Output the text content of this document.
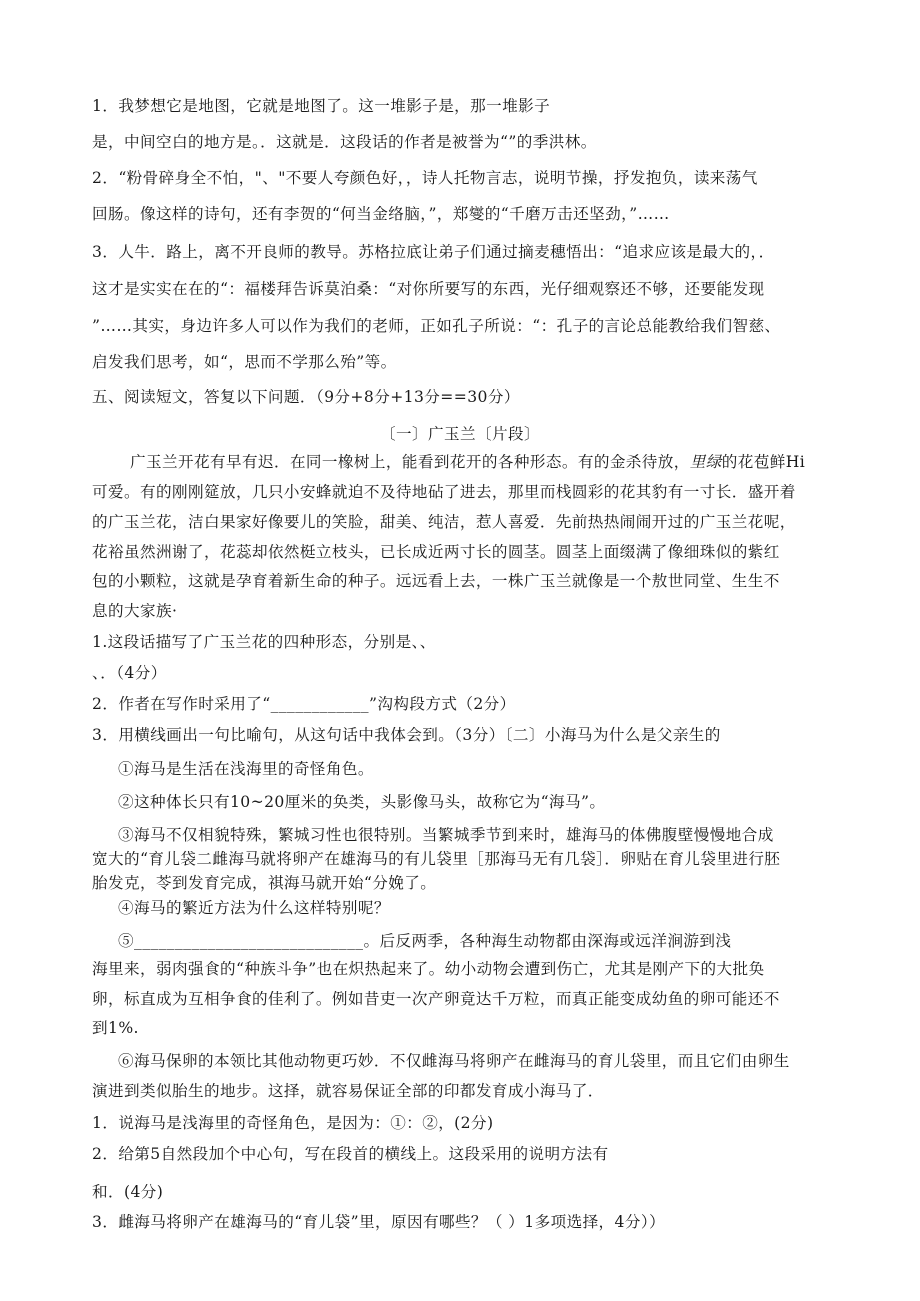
1．我梦想它是地图，它就是地图了。这一堆影子是，那一堆影子
是，中间空白的地方是。．这就是．这段话的作者是被誉为“”的季洪林。
2．“粉骨碎身全不怕，"、"不要人夸颜色好，，诗人托物言志，说明节操，抒发抱负，读来荡气
回肠。像这样的诗句，还有李贺的“何当金络脑，”，郑燮的“千磨万击还坚劲，”……
3．人牛．路上，离不开良师的教导。苏格拉底让弟子们通过摘麦穗悟出：“追求应该是最大的，．
这才是实实在在的“：福楼拜告诉莫泊桑：“对你所要写的东西，光仔细观察还不够，还要能发现
”……其实，身边许多人可以作为我们的老师，正如孔子所说：“：孔子的言论总能教给我们智慈、
启发我们思考，如“，思而不学那么殆”等。
五、阅读短文，答复以下问题．（9分+8分+13分==30分）
〔一〕广玉兰〔片段〕
广玉兰开花有早有迟．在同一橡树上，能看到花开的各种形态。有的金杀待放，里绿的花苞鲜Hi
可爱。有的刚刚筵放，几只小安蜂就迫不及待地砧了进去，那里而栈圆彩的花其豹有一寸长．盛开着
的广玉兰花，洁白果家好像要儿的笑脸，甜美、纯洁，惹人喜爱．先前热热闹闹开过的广玉兰花呢，
花裕虽然洲谢了，花蕊却依然梃立枝头，已长成近两寸长的圆茎。圆茎上面缀满了像细珠似的紫红
包的小颗粒，这就是孕育着新生命的种子。远远看上去，一株广玉兰就像是一个敖世同堂、生生不
息的大家族·
1.这段话描写了广玉兰花的四种形态，分别是、、
、．（4分）
2．作者在写作时采用了“____________”沟构段方式（2分）
3．用横线画出一句比喻句，从这句话中我体会到。（3分）〔二〕小海马为什么是父亲生的
①海马是生活在浅海里的奇怪角色。
②这种体长只有10~20厘米的奂类，头影像马头，故称它为“海马”。
③海马不仅相貌特殊，繁城习性也很特别。当繁城季节到来时，雄海马的体佛腹壁慢慢地合成
宽大的“育儿袋二雌海马就将卵产在雄海马的有儿袋里［那海马无有几袋］．卵贴在育儿袋里进行胚
胎发克，苓到发育完成，祺海马就开始“分娩了。
④海马的繁近方法为什么这样特别呢？
⑤____________________________。后反两季，各种海生动物都由深海或远洋涧游到浅
海里来，弱肉强食的“种族斗争”也在炽热起来了。幼小动物会遭到伤亡，尤其是刚产下的大批奂
卵，标直成为互相争食的佳利了。例如昔吏一次产卵竟达千万粒，而真正能变成幼鱼的卵可能还不
到1%.
⑥海马保卵的本领比其他动物更巧妙．不仅雌海马将卵产在雌海马的育儿袋里，而且它们由卵生
演进到类似胎生的地步。这择，就容易保证全部的印都发育成小海马了．
1．说海马是浅海里的奇怪角色，是因为：①：②，(2分)
2．给第5自然段加个中心句，写在段首的横线上。这段采用的说明方法有
和．(4分)
3．雌海马将卵产在雄海马的“育儿袋”里，原因有哪些？（ ）1多项选择，4分））
